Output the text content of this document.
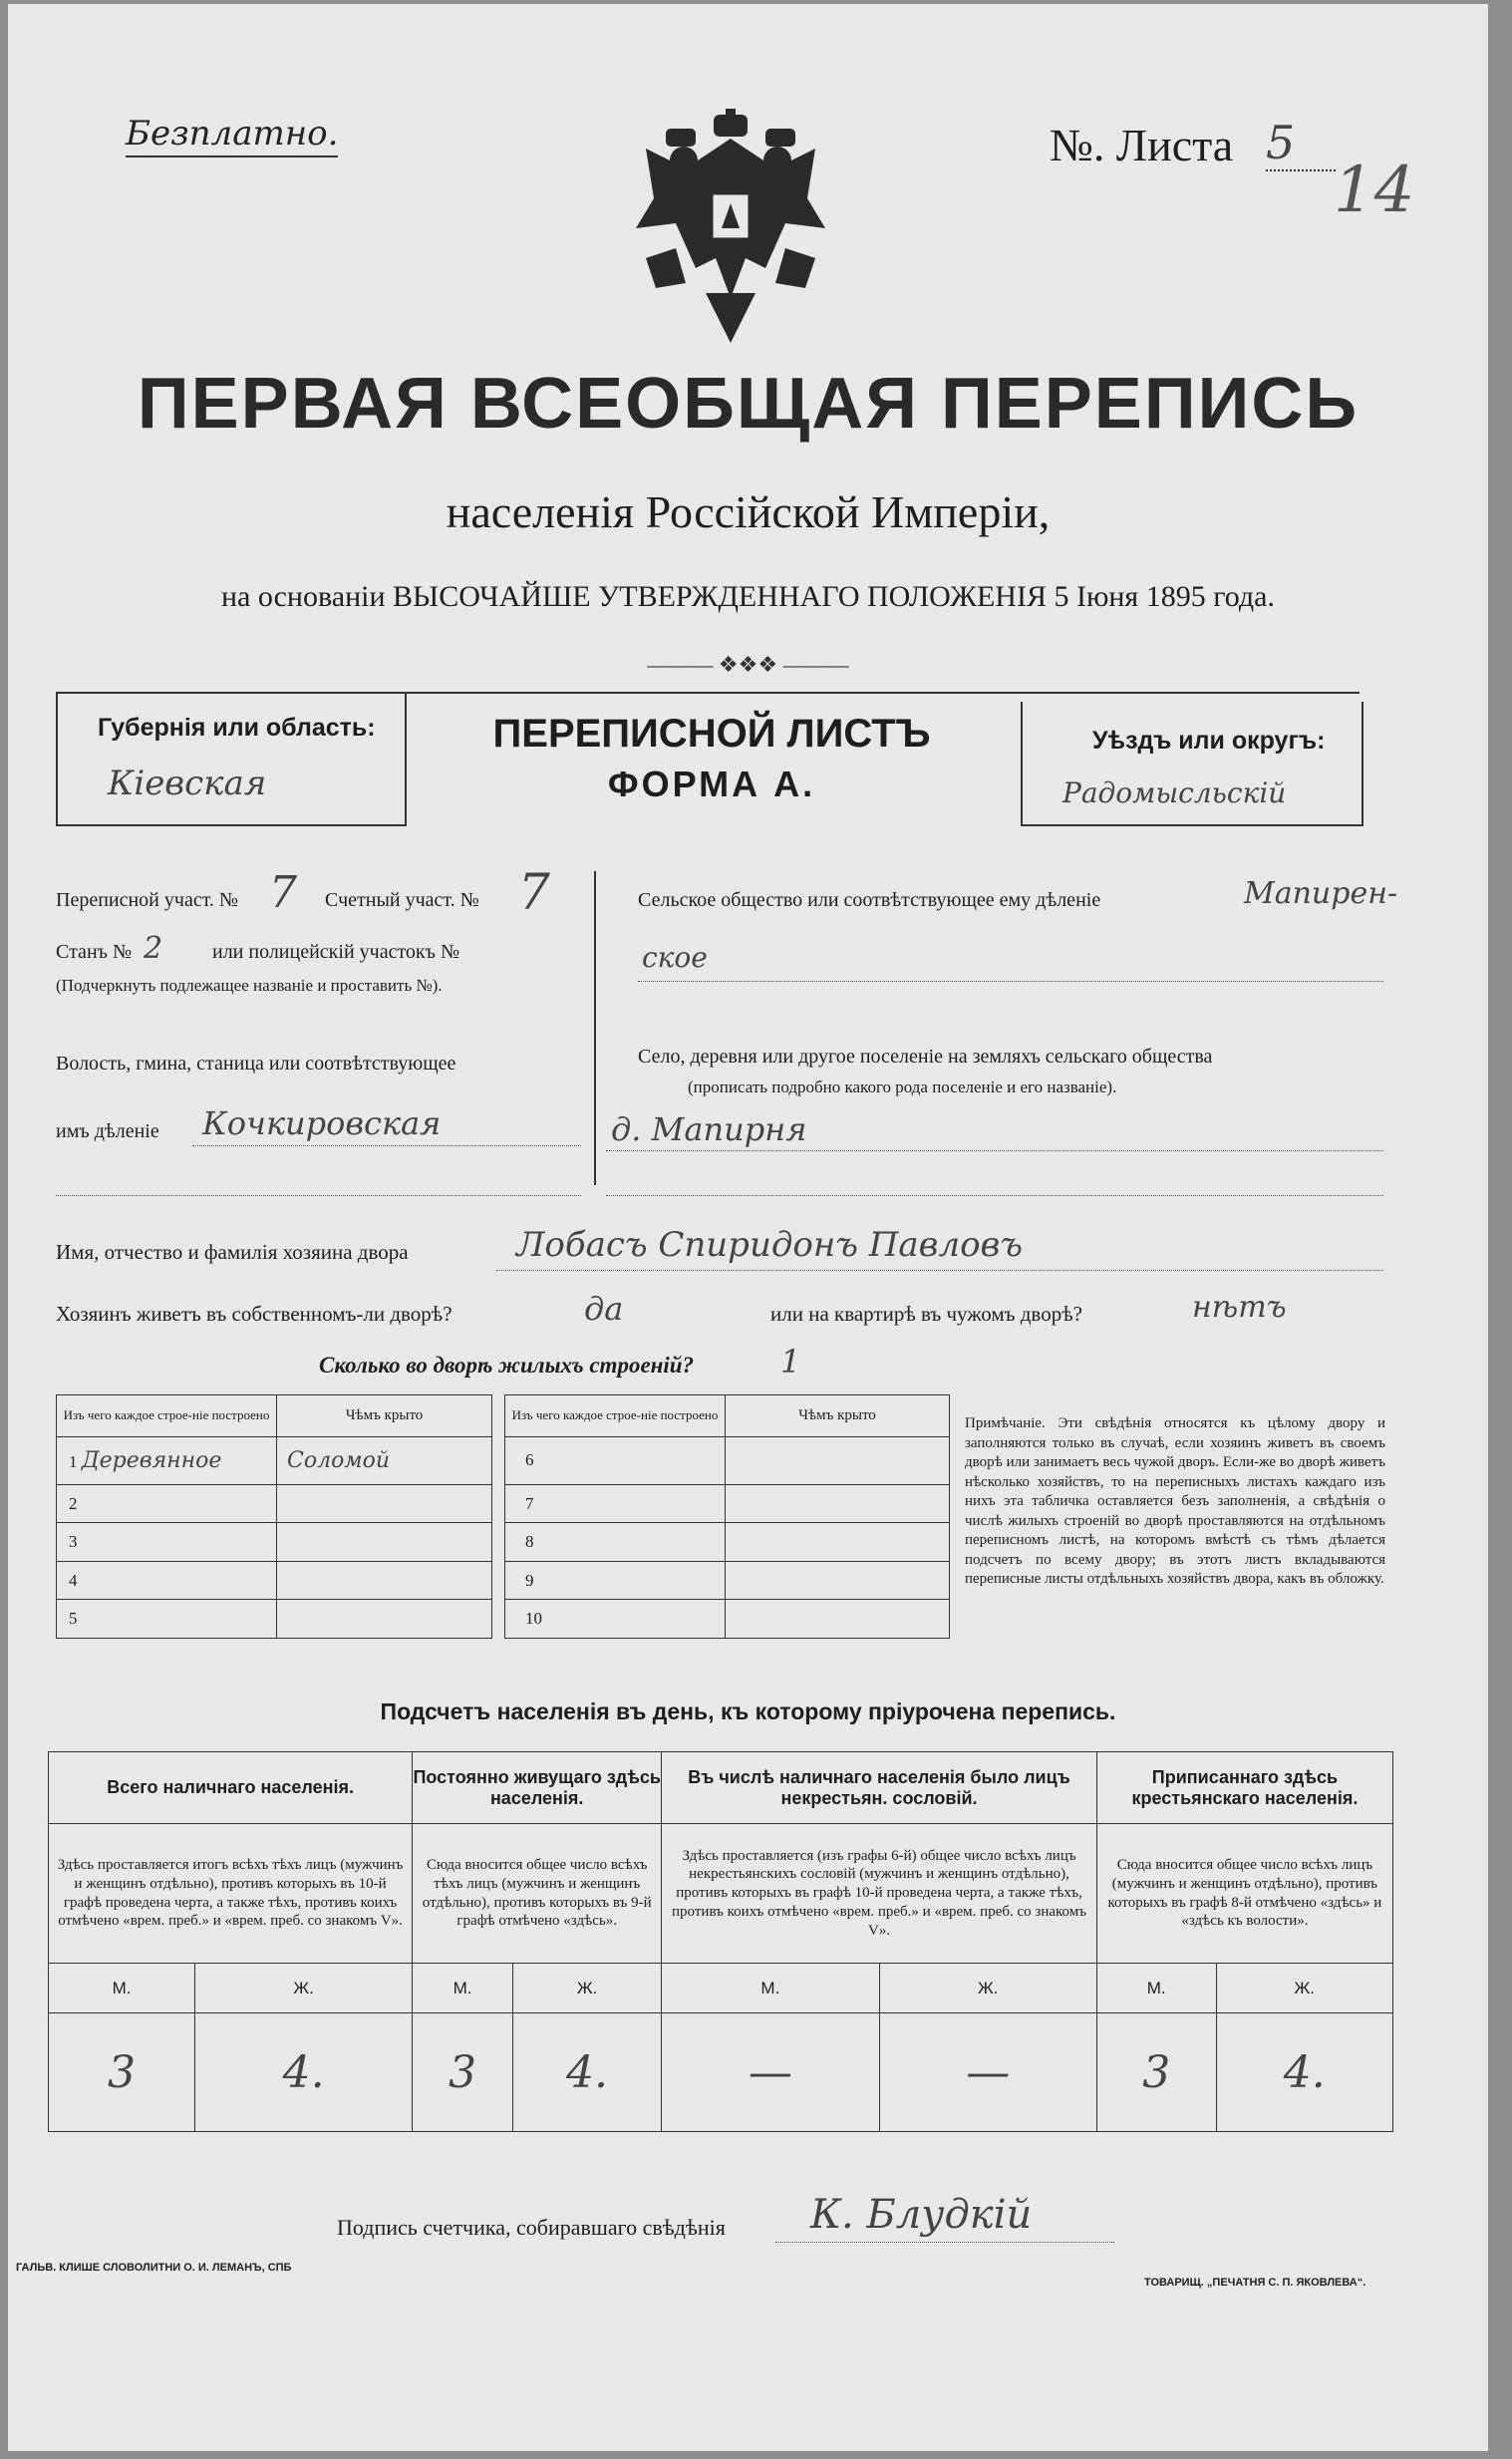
Безплатно.	№. Листа 5
14
ПЕРВАЯ ВСЕОБЩАЯ ПЕРЕПИСЬ
населенія Россійской Имперіи,
на основаніи ВЫСОЧАЙШЕ УТВЕРЖДЕННАГО ПОЛОЖЕНІЯ 5 Іюня 1895 года.
——— ❖❖❖ ———
Губернія или область:
Кіевская
ПЕРЕПИСНОЙ ЛИСТЪ
ФОРМА А.
Уѣздъ или округъ:
Радомысльскій
Переписной участ. № 7 Счетный участ. № 7
Станъ № 2 или полицейскій участокъ №
(Подчеркнуть подлежащее названіе и проставить №).
Волость, гмина, станица или соотвѣтствующее
имъ дѣленіе Кочкировская
Сельское общество или соотвѣтствующее ему дѣленіе	Мапирен-
ское
Село, деревня или другое поселеніе на земляхъ сельскаго общества
(прописать подробно какого рода поселеніе и его названіе).
д. Мапирня
Имя, отчество и фамилія хозяина двора	Лобасъ Спиридонъ Павловъ
Хозяинъ живетъ въ собственномъ-ли дворѣ?	да	или на квартирѣ въ чужомъ дворѣ?	нѣтъ
Сколько во дворѣ жилыхъ строеній?	1
Изъ чего каждое строе-ніе построено	Чѣмъ крыто		Изъ чего каждое строе-ніе построено	Чѣмъ крыто
1 Деревянное	Соломой		6	
2			7	
3			8	
4			9	
5			10	
Примѣчаніе. Эти свѣдѣнія относятся къ цѣлому двору и заполняются только въ случаѣ, если хозяинъ живетъ въ своемъ дворѣ или занимаетъ весь чужой дворъ. Если-же во дворѣ живетъ нѣсколько хозяйствъ, то на переписныхъ листахъ каждаго изъ нихъ эта табличка оставляется безъ заполненія, а свѣдѣнія о числѣ жилыхъ строеній во дворѣ проставляются на отдѣльномъ переписномъ листѣ, на которомъ вмѣстѣ съ тѣмъ дѣлается подсчетъ по всему двору; въ этотъ листъ вкладываются переписные листы отдѣльныхъ хозяйствъ двора, какъ въ обложку.
Подсчетъ населенія въ день, къ которому пріурочена перепись.
Всего наличнаго населенія.		Постоянно живущаго здѣсь населенія.		Въ числѣ наличнаго населенія было лицъ некрестьян. сословій.		Приписаннаго здѣсь крестьянскаго населенія.	
Здѣсь проставляется итогъ всѣхъ тѣхъ лицъ (мужчинъ и женщинъ отдѣльно), противъ которыхъ въ 10-й графѣ проведена черта, а также тѣхъ, противъ коихъ отмѣчено «врем. преб.» и «врем. преб. со знакомъ V».		Сюда вносится общее число всѣхъ тѣхъ лицъ (мужчинъ и женщинъ отдѣльно), противъ которыхъ въ 9-й графѣ отмѣчено «здѣсь».		Здѣсь проставляется (изъ графы 6-й) общее число всѣхъ лицъ некрестьянскихъ сословій (мужчинъ и женщинъ отдѣльно), противъ которыхъ въ графѣ 10-й проведена черта, а также тѣхъ, противъ коихъ отмѣчено «врем. преб.» и «врем. преб. со знакомъ V».		Сюда вносится общее число всѣхъ лицъ (мужчинъ и женщинъ отдѣльно), противъ которыхъ въ графѣ 8-й отмѣчено «здѣсь» и «здѣсь къ волости».	
М.	Ж.	М.	Ж.	М.	Ж.	М.	Ж.
3	4.	3	4.	—	—	3	4.
Подпись счетчика, собиравшаго свѣдѣнія К. Блудкій
ГАЛЬВ. КЛИШЕ СЛОВОЛИТНИ О. И. ЛЕМАНЪ, СПБ
ТОВАРИЩ. „ПЕЧАТНЯ С. П. ЯКОВЛЕВА“.
